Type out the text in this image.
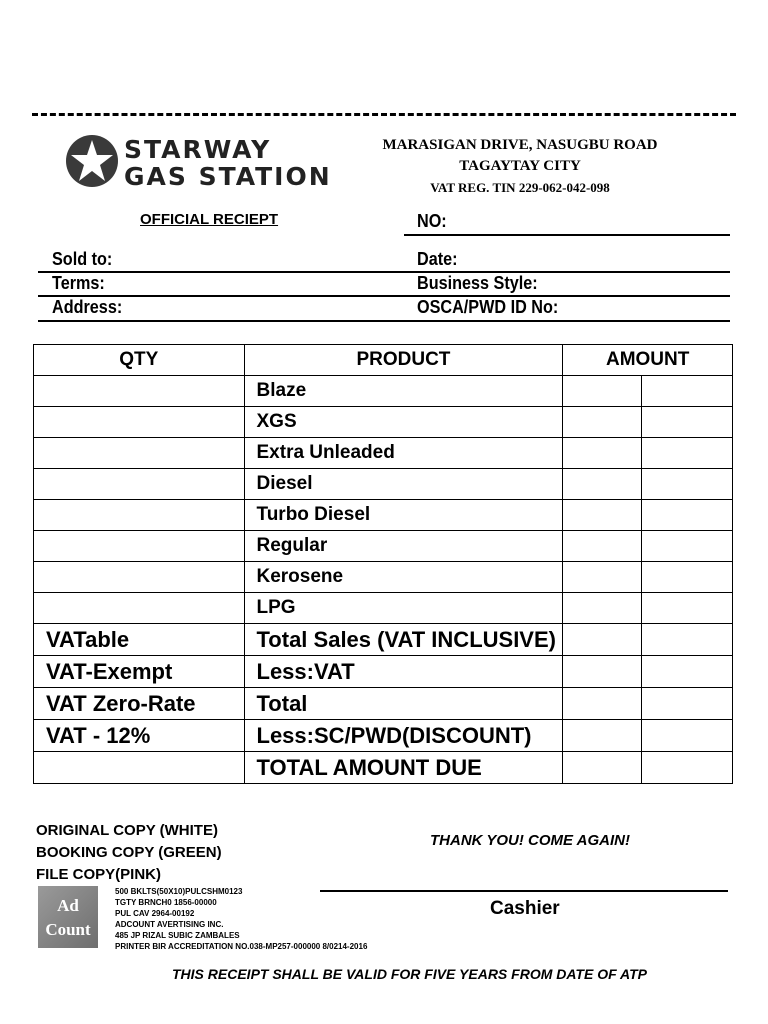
STARWAY
GAS STATION
MARASIGAN DRIVE, NASUGBU ROAD
TAGAYTAY CITY
VAT REG. TIN 229-062-042-098
OFFICIAL RECIEPT	NO:
Sold to:	Date:
Terms:	Business Style:
Address:	OSCA/PWD ID No:
QTY	PRODUCT	AMOUNT	
	Blaze		
	XGS		
	Extra Unleaded		
	Diesel		
	Turbo Diesel		
	Regular		
	Kerosene		
	LPG		
VATable	Total Sales (VAT INCLUSIVE)		
VAT-Exempt	Less:VAT		
VAT Zero-Rate	Total		
VAT - 12%	Less:SC/PWD(DISCOUNT)		
	TOTAL AMOUNT DUE		
ORIGINAL COPY (WHITE)
BOOKING COPY (GREEN)
FILE COPY(PINK)
THANK YOU! COME AGAIN!
Cashier
Ad Count
500 BKLTS(50X10)PULCSHM0123
TGTY BRNCH0 1856-00000
PUL CAV 2964-00192
ADCOUNT AVERTISING INC.
485 JP RIZAL SUBIC ZAMBALES
PRINTER BIR ACCREDITATION NO.038-MP257-000000 8/0214-2016
THIS RECEIPT SHALL BE VALID FOR FIVE YEARS FROM DATE OF ATP
